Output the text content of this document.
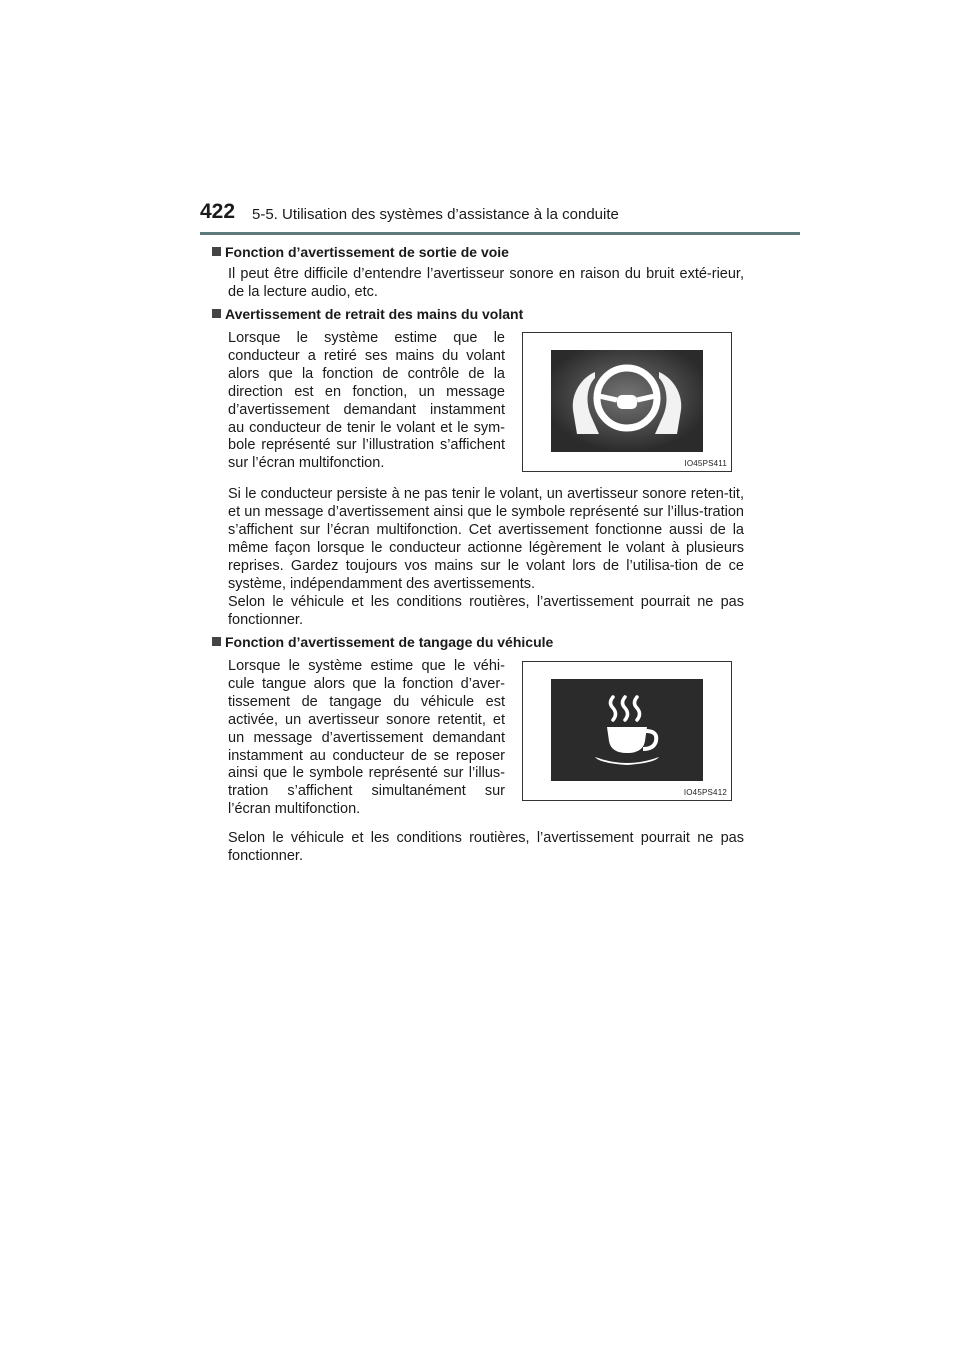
422 5-5. Utilisation des systèmes d’assistance à la conduite
Fonction d’avertissement de sortie de voie

Il peut être difficile d’entendre l’avertisseur sonore en raison du bruit exté-rieur, de la lecture audio, etc.

Avertissement de retrait des mains du volant

Lorsque le système estime que le conducteur a retiré ses mains du volant alors que la fonction de contrôle de la direction est en fonction, un message d’avertissement demandant instamment au conducteur de tenir le volant et le sym-bole représenté sur l’illustration s’affichent sur l’écran multifonction.	IO45PS411

Si le conducteur persiste à ne pas tenir le volant, un avertisseur sonore reten-tit, et un message d’avertissement ainsi que le symbole représenté sur l’illus-tration s’affichent sur l’écran multifonction. Cet avertissement fonctionne aussi de la même façon lorsque le conducteur actionne légèrement le volant à plusieurs reprises. Gardez toujours vos mains sur le volant lors de l’utilisa-tion de ce système, indépendamment des avertissements.

Selon le véhicule et les conditions routières, l’avertissement pourrait ne pas fonctionner.

Fonction d’avertissement de tangage du véhicule

Lorsque le système estime que le véhi-cule tangue alors que la fonction d’aver-tissement de tangage du véhicule est activée, un avertisseur sonore retentit, et un message d’avertissement demandant instamment au conducteur de se reposer ainsi que le symbole représenté sur l’illus-tration s’affichent simultanément sur l’écran multifonction.

IO45PS412

Selon le véhicule et les conditions routières, l’avertissement pourrait ne pas fonctionner.
